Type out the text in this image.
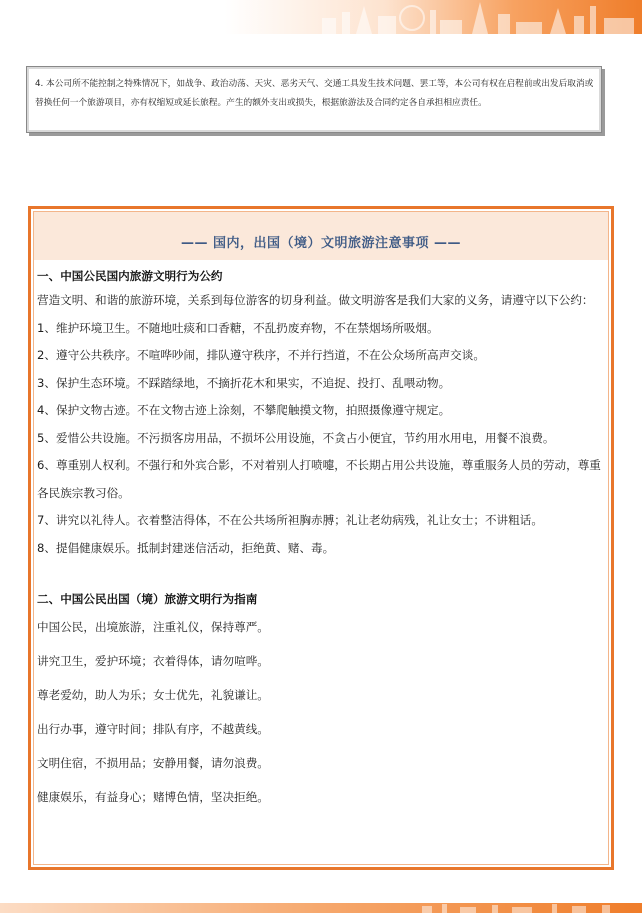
4. 本公司所不能控制之特殊情况下，如战争、政治动荡、天灾、恶劣天气、交通工具发生技术问题、罢工等，本公司有权在启程前或出发后取消或替换任何一个旅游项目，亦有权缩短或延长旅程。产生的额外支出或损失，根据旅游法及合同约定各自承担相应责任。
—— 国内，出国（境）文明旅游注意事项 ——
一、中国公民国内旅游文明行为公约
营造文明、和谐的旅游环境，关系到每位游客的切身利益。做文明游客是我们大家的义务，请遵守以下公约：
1、维护环境卫生。不随地吐痰和口香糖，不乱扔废弃物，不在禁烟场所吸烟。
2、遵守公共秩序。不喧哗吵闹，排队遵守秩序，不并行挡道，不在公众场所高声交谈。
3、保护生态环境。不踩踏绿地，不摘折花木和果实，不追捉、投打、乱喂动物。
4、保护文物古迹。不在文物古迹上涂刻，不攀爬触摸文物，拍照摄像遵守规定。
5、爱惜公共设施。不污损客房用品，不损坏公用设施，不贪占小便宜，节约用水用电，用餐不浪费。
6、尊重别人权利。不强行和外宾合影，不对着别人打喷嚏，不长期占用公共设施，尊重服务人员的劳动，尊重各民族宗教习俗。
7、讲究以礼待人。衣着整洁得体，不在公共场所袒胸赤膊；礼让老幼病残，礼让女士；不讲粗话。
8、提倡健康娱乐。抵制封建迷信活动，拒绝黄、赌、毒。
二、中国公民出国（境）旅游文明行为指南
中国公民，出境旅游，注重礼仪，保持尊严。
讲究卫生，爱护环境；衣着得体，请勿喧哗。
尊老爱幼，助人为乐；女士优先，礼貌谦让。
出行办事，遵守时间；排队有序，不越黄线。
文明住宿，不损用品；安静用餐，请勿浪费。
健康娱乐，有益身心；赌博色情，坚决拒绝。
